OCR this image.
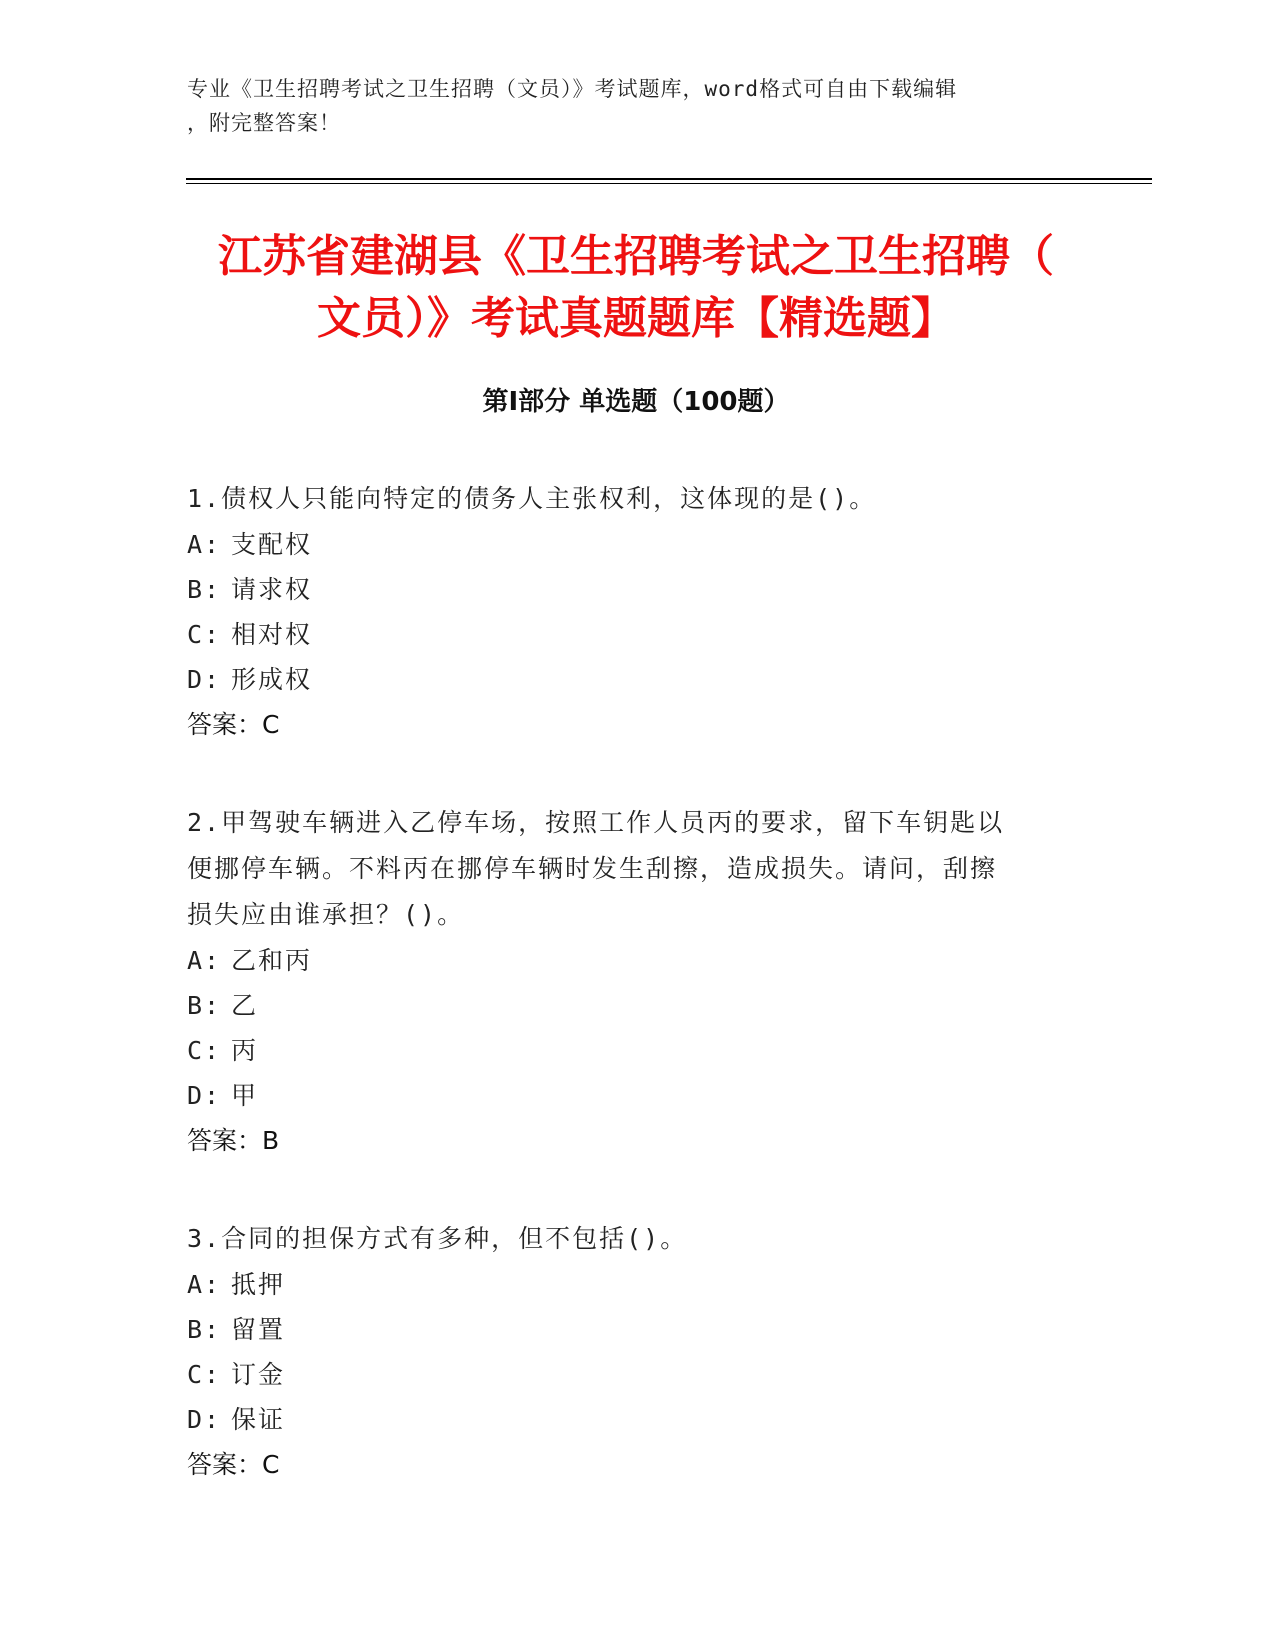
专业《卫生招聘考试之卫生招聘（文员）》考试题库，word格式可自由下载编辑
，附完整答案！
江苏省建湖县《卫生招聘考试之卫生招聘（
文员）》考试真题题库【精选题】
第Ⅰ部分 单选题（100题）

1.债权人只能向特定的债务人主张权利，这体现的是()。

A: 支配权

B: 请求权

C: 相对权

D: 形成权

答案：C

2.甲驾驶车辆进入乙停车场，按照工作人员丙的要求，留下车钥匙以

便挪停车辆。不料丙在挪停车辆时发生刮擦，造成损失。请问，刮擦

损失应由谁承担？()。

A: 乙和丙

B: 乙

C: 丙

D: 甲

答案：B

3.合同的担保方式有多种，但不包括()。

A: 抵押

B: 留置

C: 订金

D: 保证

答案：C
